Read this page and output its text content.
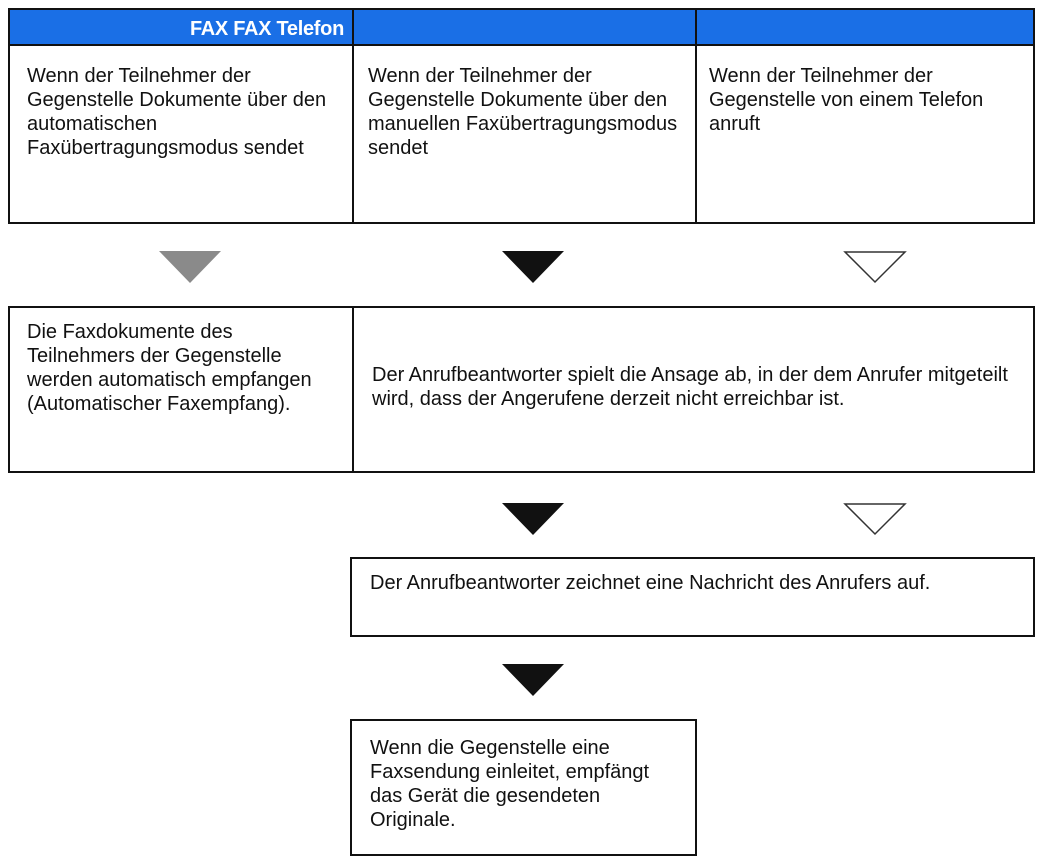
FAX FAX Telefon
Wenn der Teilnehmer der Gegenstelle Dokumente über den automatischen Faxübertragungsmodus sendet
Wenn der Teilnehmer der Gegenstelle Dokumente über den manuellen Faxübertragungsmodus sendet
Wenn der Teilnehmer der Gegenstelle von einem Telefon anruft
Die Faxdokumente des Teilnehmers der Gegenstelle werden automatisch empfangen (Automatischer Faxempfang).
Der Anrufbeantworter spielt die Ansage ab, in der dem Anrufer mitgeteilt wird, dass der Angerufene derzeit nicht erreichbar ist.
Der Anrufbeantworter zeichnet eine Nachricht des Anrufers auf.
Wenn die Gegenstelle eine Faxsendung einleitet, empfängt das Gerät die gesendeten Originale.
